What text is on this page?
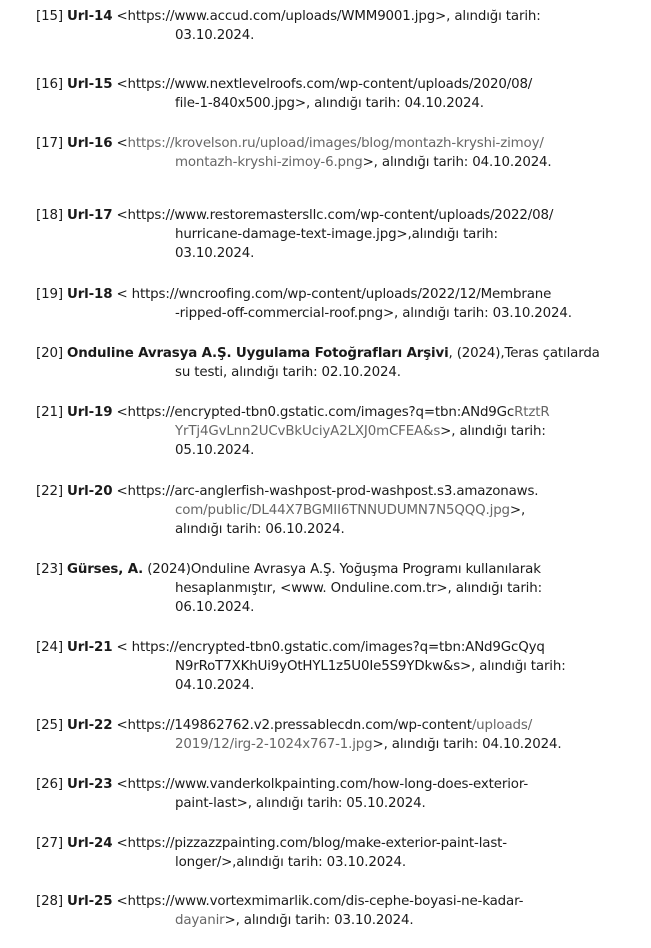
[15] Url-14 <https://www.accud.com/uploads/WMM9001.jpg>, alındığı tarih:
03.10.2024.
[16] Url-15 <https://www.nextlevelroofs.com/wp-content/uploads/2020/08/
file-1-840x500.jpg>, alındığı tarih: 04.10.2024.
[17] Url-16 <https://krovelson.ru/upload/images/blog/montazh-kryshi-zimoy/
montazh-kryshi-zimoy-6.png>, alındığı tarih: 04.10.2024.
[18] Url-17 <https://www.restoremastersllc.com/wp-content/uploads/2022/08/
hurricane-damage-text-image.jpg>,alındığı tarih:
03.10.2024.
[19] Url-18 < https://wncroofing.com/wp-content/uploads/2022/12/Membrane
-ripped-off-commercial-roof.png>, alındığı tarih: 03.10.2024.
[20] Onduline Avrasya A.Ş. Uygulama Fotoğrafları Arşivi, (2024),Teras çatılarda
su testi, alındığı tarih: 02.10.2024.
[21] Url-19 <https://encrypted-tbn0.gstatic.com/images?q=tbn:ANd9GcRtztR
YrTj4GvLnn2UCvBkUciyA2LXJ0mCFEA&s>, alındığı tarih:
05.10.2024.
[22] Url-20 <https://arc-anglerfish-washpost-prod-washpost.s3.amazonaws.
com/public/DL44X7BGMII6TNNUDUMN7N5QQQ.jpg>,
alındığı tarih: 06.10.2024.
[23] Gürses, A. (2024)Onduline Avrasya A.Ş. Yoğuşma Programı kullanılarak
hesaplanmıştır, <www. Onduline.com.tr>, alındığı tarih:
06.10.2024.
[24] Url-21 < https://encrypted-tbn0.gstatic.com/images?q=tbn:ANd9GcQyq
N9rRoT7XKhUi9yOtHYL1z5U0Ie5S9YDkw&s>, alındığı tarih:
04.10.2024.
[25] Url-22 <https://149862762.v2.pressablecdn.com/wp-content/uploads/
2019/12/irg-2-1024x767-1.jpg>, alındığı tarih: 04.10.2024.
[26] Url-23 <https://www.vanderkolkpainting.com/how-long-does-exterior-
paint-last>, alındığı tarih: 05.10.2024.
[27] Url-24 <https://pizzazzpainting.com/blog/make-exterior-paint-last-
longer/>,alındığı tarih: 03.10.2024.
[28] Url-25 <https://www.vortexmimarlik.com/dis-cephe-boyasi-ne-kadar-
dayanir>, alındığı tarih: 03.10.2024.
